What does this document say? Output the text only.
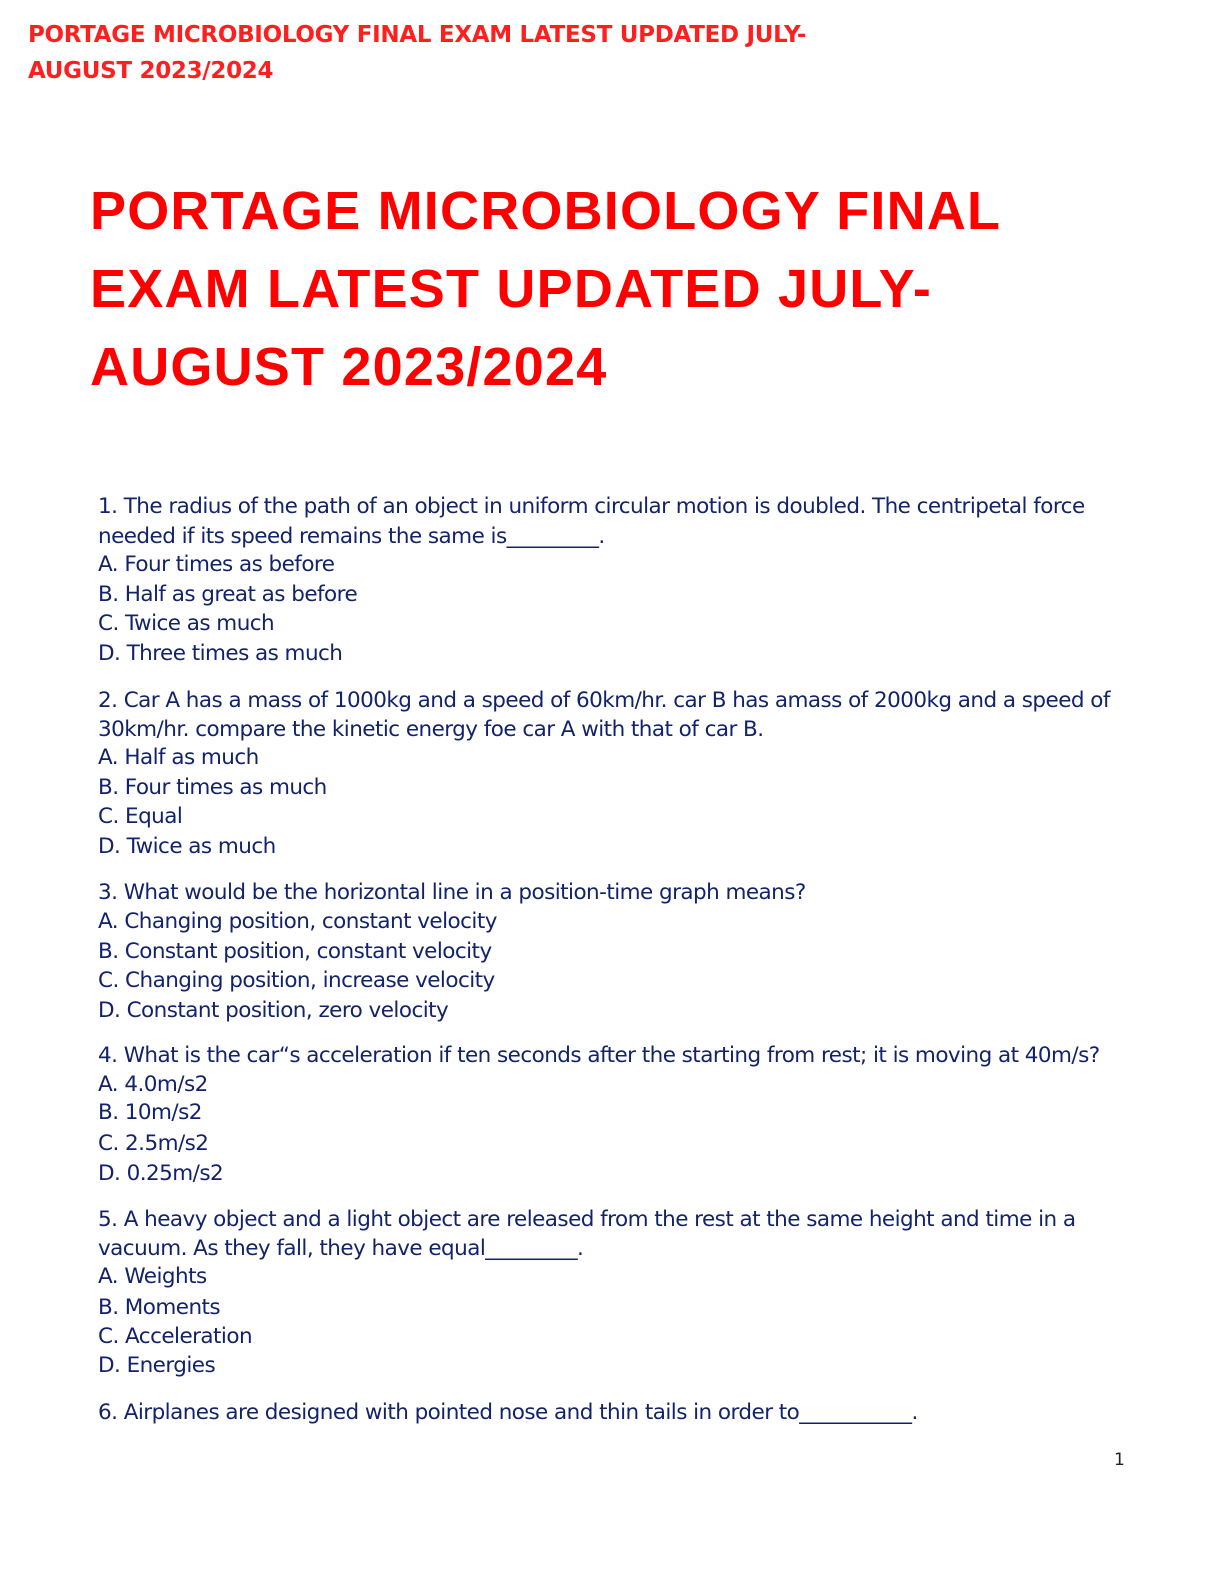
PORTAGE MICROBIOLOGY FINAL EXAM LATEST UPDATED JULY-
AUGUST 2023/2024
PORTAGE MICROBIOLOGY FINAL
EXAM LATEST UPDATED JULY-
AUGUST 2023/2024
1. The radius of the path of an object in uniform circular motion is doubled. The centripetal force
needed if its speed remains the same is_________.
A. Four times as before
B. Half as great as before
C. Twice as much
D. Three times as much
2. Car A has a mass of 1000kg and a speed of 60km/hr. car B has amass of 2000kg and a speed of
30km/hr. compare the kinetic energy foe car A with that of car B.
A. Half as much
B. Four times as much
C. Equal
D. Twice as much
3. What would be the horizontal line in a position-time graph means?
A. Changing position, constant velocity
B. Constant position, constant velocity
C. Changing position, increase velocity
D. Constant position, zero velocity
4. What is the car“s acceleration if ten seconds after the starting from rest; it is moving at 40m/s?
A. 4.0m/s2
B. 10m/s2
C. 2.5m/s2
D. 0.25m/s2
5. A heavy object and a light object are released from the rest at the same height and time in a
vacuum. As they fall, they have equal_________.
A. Weights
B. Moments
C. Acceleration
D. Energies
6. Airplanes are designed with pointed nose and thin tails in order to___________.
1
